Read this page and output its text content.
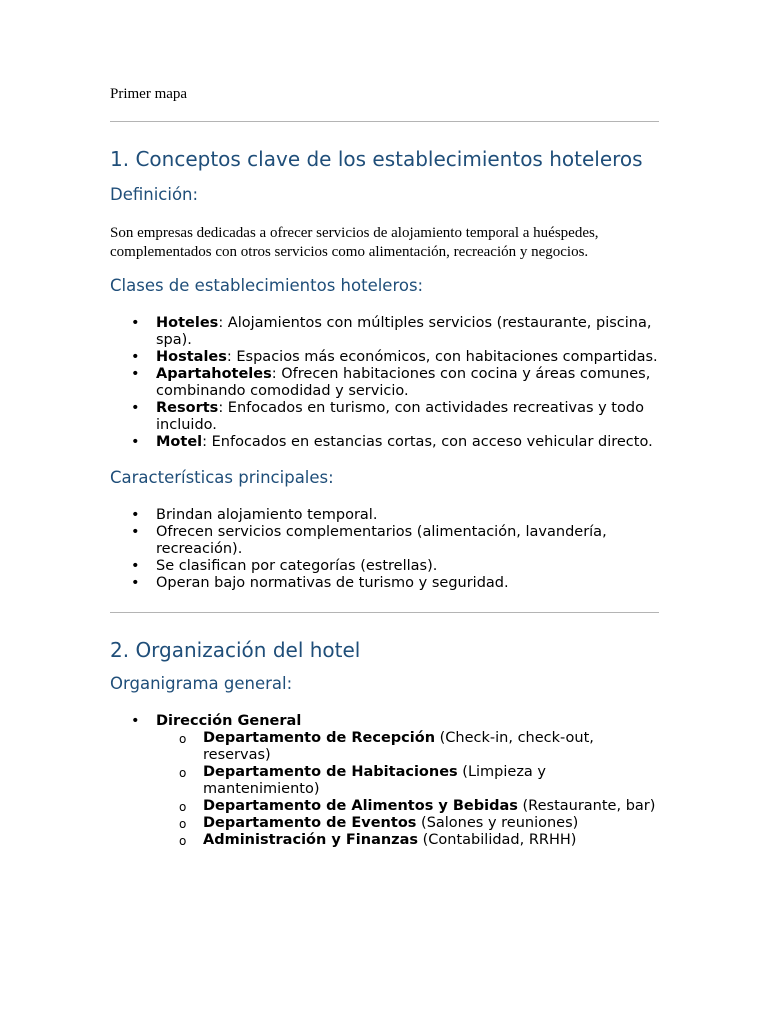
Primer mapa
1. Conceptos clave de los establecimientos hoteleros
Definición:

Son empresas dedicadas a ofrecer servicios de alojamiento temporal a huéspedes, complementados con otros servicios como alimentación, recreación y negocios.

Clases de establecimientos hoteleros:
• Hoteles: Alojamientos con múltiples servicios (restaurante, piscina, spa).
• Hostales: Espacios más económicos, con habitaciones compartidas.
• Apartahoteles: Ofrecen habitaciones con cocina y áreas comunes, combinando comodidad y servicio.
• Resorts: Enfocados en turismo, con actividades recreativas y todo incluido.
• Motel: Enfocados en estancias cortas, con acceso vehicular directo.
Características principales:
• Brindan alojamiento temporal.
• Ofrecen servicios complementarios (alimentación, lavandería, recreación).
• Se clasifican por categorías (estrellas).
• Operan bajo normativas de turismo y seguridad.
2. Organización del hotel
Organigrama general:
• Dirección General
o Departamento de Recepción (Check-in, check-out, reservas)
o Departamento de Habitaciones (Limpieza y mantenimiento)
o Departamento de Alimentos y Bebidas (Restaurante, bar)
o Departamento de Eventos (Salones y reuniones)
o Administración y Finanzas (Contabilidad, RRHH)
